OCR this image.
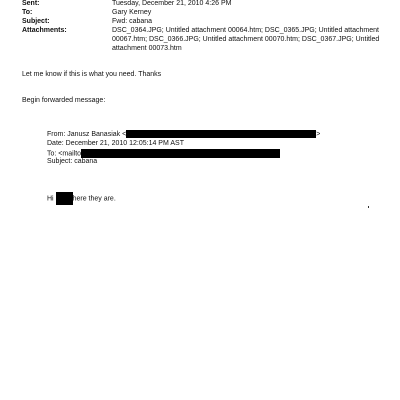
Sent:	Tuesday, December 21, 2010 4:26 PM
To:	Gary Kerney
Subject:	Fwd: cabana
Attachments:	DSC_0364.JPG; Untitled attachment 00064.htm; DSC_0365.JPG; Untitled attachment
00067.htm; DSC_0366.JPG; Untitled attachment 00070.htm; DSC_0367.JPG; Untitled
attachment 00073.htm
Let me know if this is what you need. Thanks
Begin forwarded message:
From: Janusz Banasiak <	>
Date: December 21, 2010 12:05:14 PM AST
To: <mailto
Subject: cabana
Hi	here they are.
